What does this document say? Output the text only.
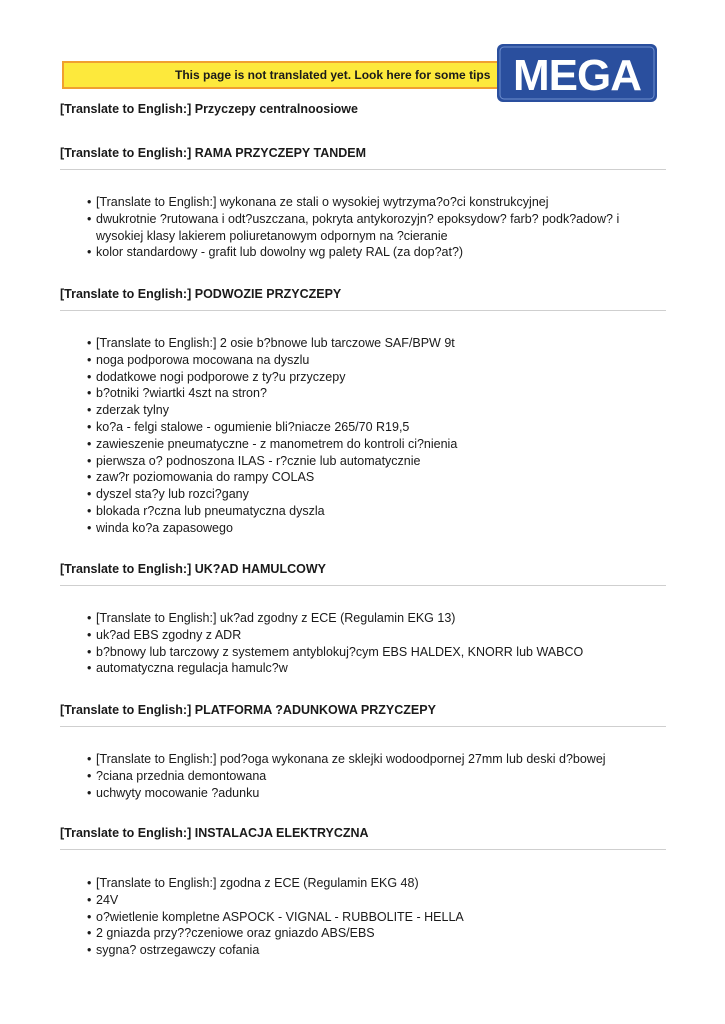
This page is not translated yet. Look here for some tips MEGA
[Translate to English:] Przyczepy centralnoosiowe
[Translate to English:] RAMA PRZYCZEPY TANDEM
• [Translate to English:] wykonana ze stali o wysokiej wytrzyma?o?ci konstrukcyjnej
• dwukrotnie ?rutowana i odt?uszczana, pokryta antykorozyjn? epoksydow? farb? podk?adow? i wysokiej klasy lakierem poliuretanowym odpornym na ?cieranie
• kolor standardowy - grafit lub dowolny wg palety RAL (za dop?at?)
[Translate to English:] PODWOZIE PRZYCZEPY
• [Translate to English:] 2 osie b?bnowe lub tarczowe SAF/BPW 9t
• noga podporowa mocowana na dyszlu
• dodatkowe nogi podporowe z ty?u przyczepy
• b?otniki ?wiartki 4szt na stron?
• zderzak tylny
• ko?a - felgi stalowe - ogumienie bli?niacze 265/70 R19,5
• zawieszenie pneumatyczne - z manometrem do kontroli ci?nienia
• pierwsza o? podnoszona ILAS - r?cznie lub automatycznie
• zaw?r poziomowania do rampy COLAS
• dyszel sta?y lub rozci?gany
• blokada r?czna lub pneumatyczna dyszla
• winda ko?a zapasowego
[Translate to English:] UK?AD HAMULCOWY
• [Translate to English:] uk?ad zgodny z ECE (Regulamin EKG 13)
• uk?ad EBS zgodny z ADR
• b?bnowy lub tarczowy z systemem antyblokuj?cym EBS HALDEX, KNORR lub WABCO
• automatyczna regulacja hamulc?w
[Translate to English:] PLATFORMA ?ADUNKOWA PRZYCZEPY
• [Translate to English:] pod?oga wykonana ze sklejki wodoodpornej 27mm lub deski d?bowej
• ?ciana przednia demontowana
• uchwyty mocowanie ?adunku
[Translate to English:] INSTALACJA ELEKTRYCZNA
• [Translate to English:] zgodna z ECE (Regulamin EKG 48)
• 24V
• o?wietlenie kompletne ASPOCK - VIGNAL - RUBBOLITE - HELLA
• 2 gniazda przy??czeniowe oraz gniazdo ABS/EBS
• sygna? ostrzegawczy cofania
